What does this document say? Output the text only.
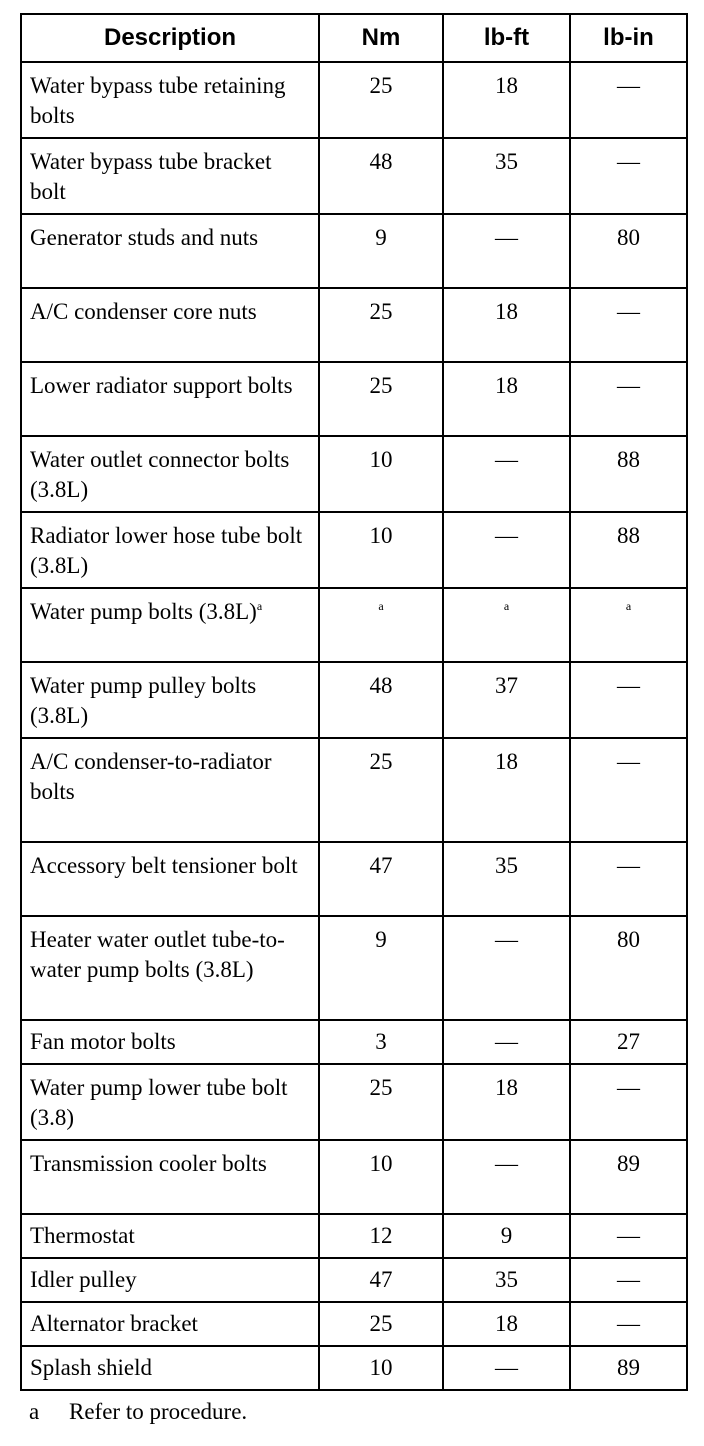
Description	Nm	lb-ft	lb-in
Water bypass tube retaining bolts	25	18	—
Water bypass tube bracket bolt	48	35	—
Generator studs and nuts	9	—	80
A/C condenser core nuts	25	18	—
Lower radiator support bolts	25	18	—
Water outlet connector bolts (3.8L)	10	—	88
Radiator lower hose tube bolt (3.8L)	10	—	88
Water pump bolts (3.8L)$^a$	$^a$	$^a$	$^a$
Water pump pulley bolts (3.8L)	48	37	—
A/C condenser-to-radiator bolts	25	18	—
Accessory belt tensioner bolt	47	35	—
Heater water outlet tube-to-water pump bolts (3.8L)	9	—	80
Fan motor bolts	3	—	27
Water pump lower tube bolt (3.8)	25	18	—
Transmission cooler bolts	10	—	89
Thermostat	12	9	—
Idler pulley	47	35	—
Alternator bracket	25	18	—
Splash shield	10	—	89
a Refer to procedure.
